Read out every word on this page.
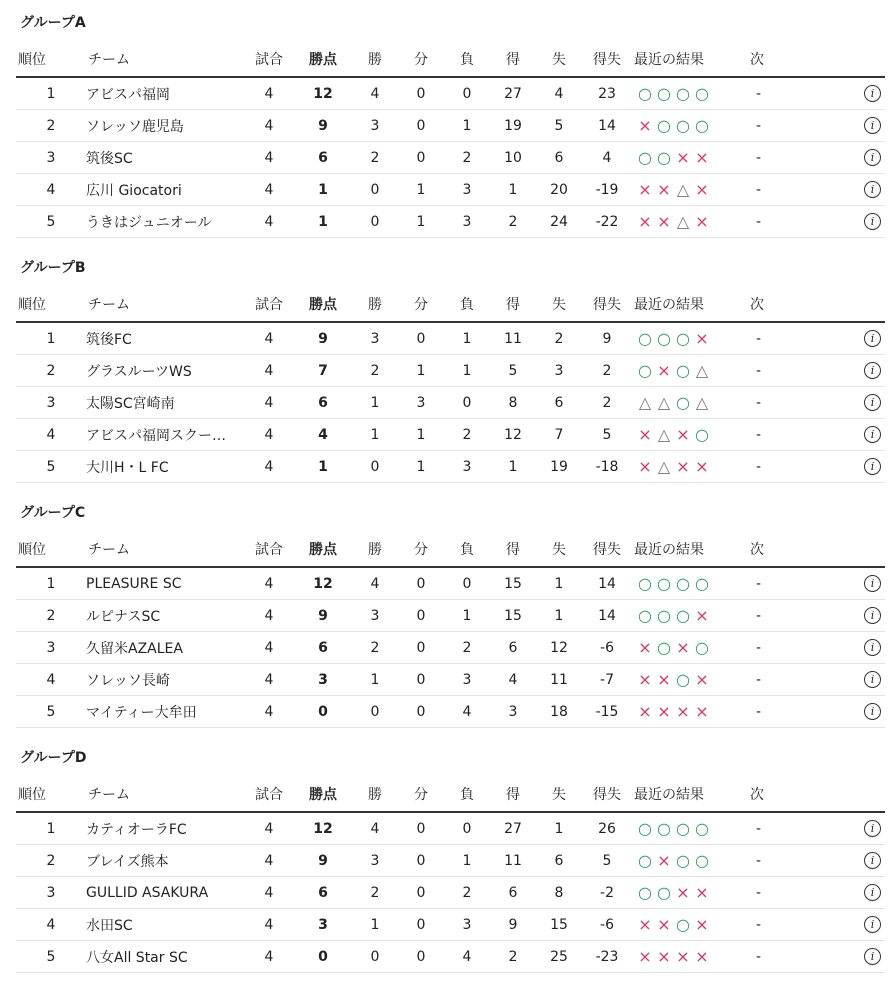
グループA
順位	チーム	試合	勝点	勝	分	負	得	失	得失	最近の結果	次	
1	アビスパ福岡	4	12	4	0	0	27	4	23	○ ○ ○ ○	-	i
2	ソレッソ鹿児島	4	9	3	0	1	19	5	14	× ○ ○ ○	-	i
3	筑後SC	4	6	2	0	2	10	6	4	○ ○ × ×	-	i
4	広川 Giocatori	4	1	0	1	3	1	20	-19	× × △ ×	-	i
5	うきはジュニオール	4	1	0	1	3	2	24	-22	× × △ ×	-	i
グループB
順位	チーム	試合	勝点	勝	分	負	得	失	得失	最近の結果	次	
1	筑後FC	4	9	3	0	1	11	2	9	○ ○ ○ ×	-	i
2	グラスルーツWS	4	7	2	1	1	5	3	2	○ × ○ △	-	i
3	太陽SC宮崎南	4	6	1	3	0	8	6	2	△ △ ○ △	-	i
4	アビスパ福岡スクー…	4	4	1	1	2	12	7	5	× △ × ○	-	i
5	大川H・L FC	4	1	0	1	3	1	19	-18	× △ × ×	-	i
グループC
順位	チーム	試合	勝点	勝	分	負	得	失	得失	最近の結果	次	
1	PLEASURE SC	4	12	4	0	0	15	1	14	○ ○ ○ ○	-	i
2	ルピナスSC	4	9	3	0	1	15	1	14	○ ○ ○ ×	-	i
3	久留米AZALEA	4	6	2	0	2	6	12	-6	× ○ × ○	-	i
4	ソレッソ長崎	4	3	1	0	3	4	11	-7	× × ○ ×	-	i
5	マイティー大牟田	4	0	0	0	4	3	18	-15	× × × ×	-	i
グループD
順位	チーム	試合	勝点	勝	分	負	得	失	得失	最近の結果	次	
1	カティオーラFC	4	12	4	0	0	27	1	26	○ ○ ○ ○	-	i
2	ブレイズ熊本	4	9	3	0	1	11	6	5	○ × ○ ○	-	i
3	GULLID ASAKURA	4	6	2	0	2	6	8	-2	○ ○ × ×	-	i
4	水田SC	4	3	1	0	3	9	15	-6	× × ○ ×	-	i
5	八女All Star SC	4	0	0	0	4	2	25	-23	× × × ×	-	i
